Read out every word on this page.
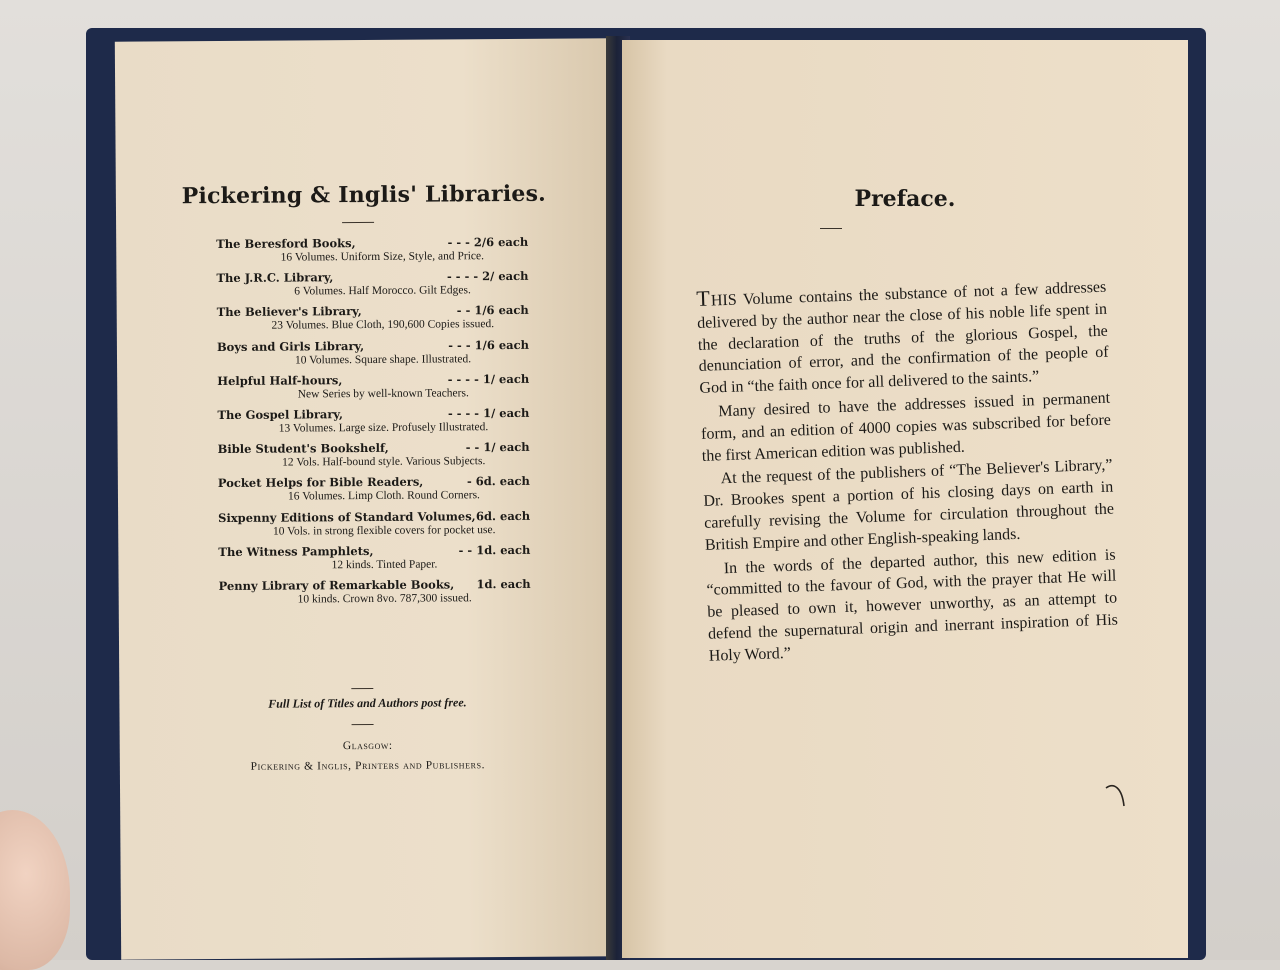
Pickering & Inglis' Libraries.
The Beresford Books,	- - - 2/6 each
16 Volumes. Uniform Size, Style, and Price.
The J.R.C. Library,	- - - - 2/ each
6 Volumes. Half Morocco. Gilt Edges.
The Believer's Library,	- - 1/6 each
23 Volumes. Blue Cloth, 190,600 Copies issued.
Boys and Girls Library,	- - - 1/6 each
10 Volumes. Square shape. Illustrated.
Helpful Half-hours,	- - - - 1/ each
New Series by well-known Teachers.
The Gospel Library,	- - - - 1/ each
13 Volumes. Large size. Profusely Illustrated.
Bible Student's Bookshelf,	- - 1/ each
12 Vols. Half-bound style. Various Subjects.
Pocket Helps for Bible Readers,	- 6d. each
16 Volumes. Limp Cloth. Round Corners.
Sixpenny Editions of Standard Volumes, 6d. each
10 Vols. in strong flexible covers for pocket use.
The Witness Pamphlets,	- - 1d. each
12 kinds. Tinted Paper.
Penny Library of Remarkable Books, 1d. each
10 kinds. Crown 8vo. 787,300 issued.

Full List of Titles and Authors post free.

Glasgow:

Pickering & Inglis, Printers and Publishers.

Preface.

THIS Volume contains the substance of not a few addresses delivered by the author near the close of his noble life spent in the declaration of the truths of the glorious Gospel, the denunciation of error, and the confirmation of the people of God in “the faith once for all delivered to the saints.”

Many desired to have the addresses issued in permanent form, and an edition of 4000 copies was subscribed for before the first American edition was published.

At the request of the publishers of “The Believer's Library,” Dr. Brookes spent a portion of his closing days on earth in carefully revising the Volume for circulation throughout the British Empire and other English-speaking lands.

In the words of the departed author, this new edition is “committed to the favour of God, with the prayer that He will be pleased to own it, however unworthy, as an attempt to defend the supernatural origin and inerrant inspiration of His Holy Word.”
